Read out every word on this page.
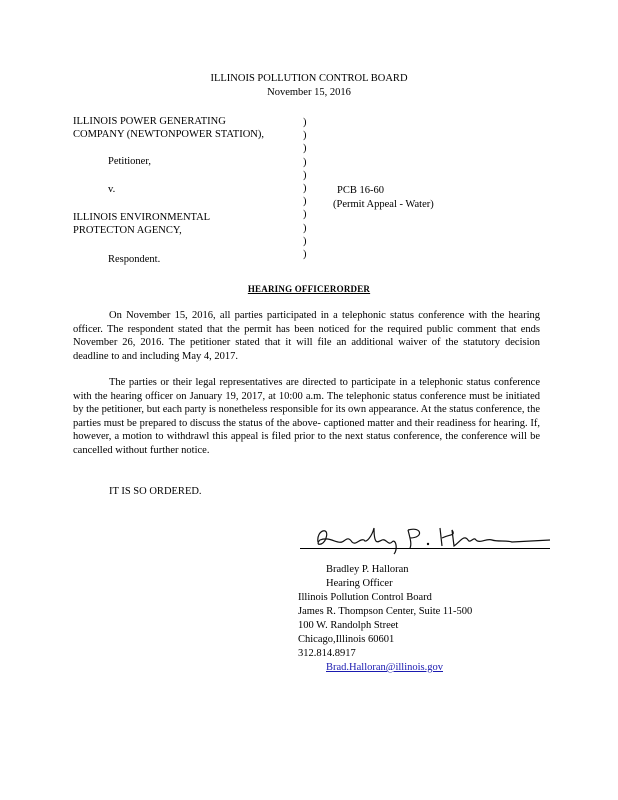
ILLINOIS POLLUTION CONTROL BOARD
November 15, 2016
ILLINOIS POWER GENERATING
COMPANY (NEWTONPOWER STATION),
Petitioner,
v.
ILLINOIS ENVIRONMENTAL
PROTECTON AGENCY,
Respondent.
)
)
)
)
)
)
)
)
)
)
)
PCB 16-60
(Permit Appeal - Water)
HEARING OFFICERORDER
On November 15, 2016, all parties participated in a telephonic status conference with the hearing officer. The respondent stated that the permit has been noticed for the required public comment that ends November 26, 2016. The petitioner stated that it will file an additional waiver of the statutory decision deadline to and including May 4, 2017.
The parties or their legal representatives are directed to participate in a telephonic status conference with the hearing officer on January 19, 2017, at 10:00 a.m. The telephonic status conference must be initiated by the petitioner, but each party is nonetheless responsible for its own appearance. At the status conference, the parties must be prepared to discuss the status of the above- captioned matter and their readiness for hearing. If, however, a motion to withdrawl this appeal is filed prior to the next status conference, the conference will be cancelled without further notice.
IT IS SO ORDERED.
Bradley P. Halloran
Hearing Officer
Illinois Pollution Control Board
James R. Thompson Center, Suite 11-500
100 W. Randolph Street
Chicago,Illinois 60601
312.814.8917
Brad.Halloran@illinois.gov
